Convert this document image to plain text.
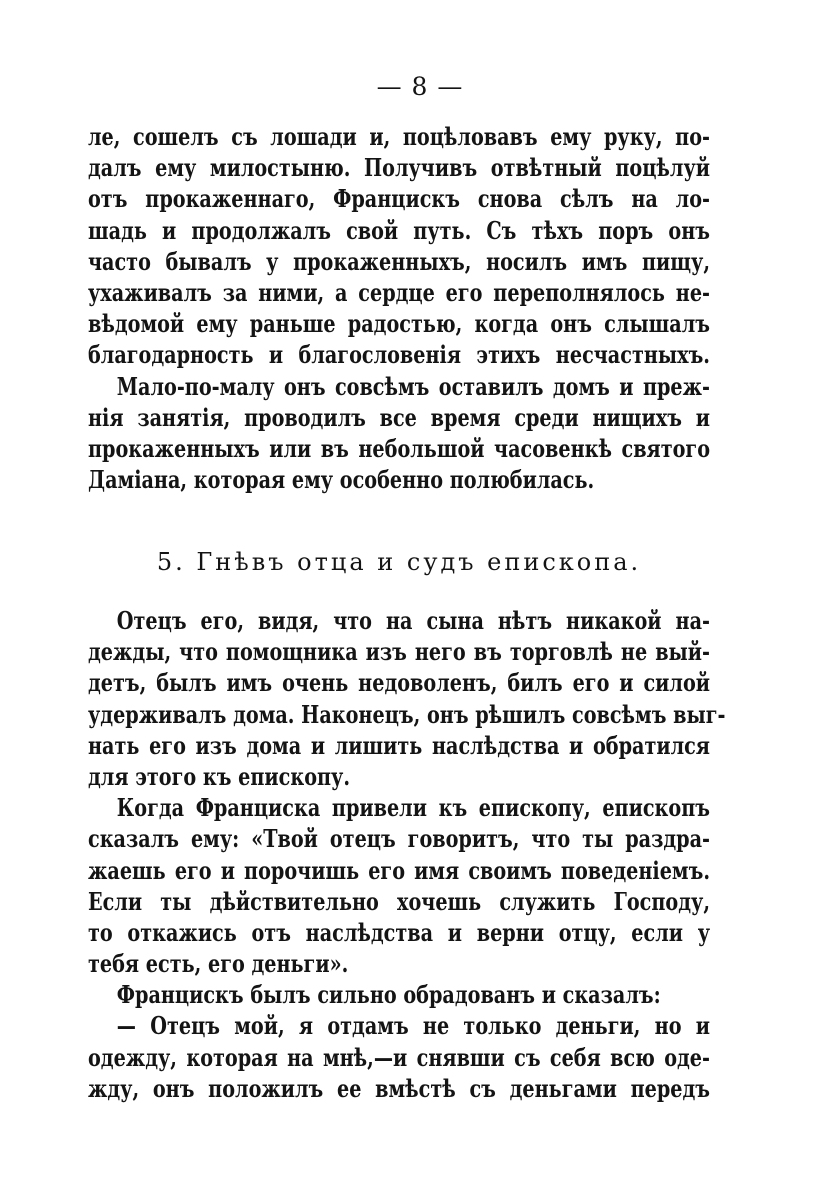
— 8 —
ле, сошелъ съ лошади и, поцѣловавъ ему руку, по-
далъ ему милостыню. Получивъ отвѣтный поцѣлуй
отъ прокаженнаго, Францискъ снова сѣлъ на ло-
шадь и продолжалъ свой путь. Съ тѣхъ поръ онъ
часто бывалъ у прокаженныхъ, носилъ имъ пищу,
ухаживалъ за ними, а сердце его переполнялось не-
вѣдомой ему раньше радостью, когда онъ слышалъ
благодарность и благословенія этихъ несчастныхъ.
Мало-по-малу онъ совсѣмъ оставилъ домъ и преж-
нія занятія, проводилъ все время среди нищихъ и
прокаженныхъ или въ небольшой часовенкѣ святого
Даміана, которая ему особенно полюбилась.
5. Гнѣвъ отца и судъ епископа.
Отецъ его, видя, что на сына нѣтъ никакой на-
дежды, что помощника изъ него въ торговлѣ не вый-
детъ, былъ имъ очень недоволенъ, билъ его и силой
удерживалъ дома. Наконецъ, онъ рѣшилъ совсѣмъ выг-
нать его изъ дома и лишить наслѣдства и обратился
для этого къ епископу.
Когда Франциска привели къ епископу, епископъ
сказалъ ему: «Твой отецъ говоритъ, что ты раздра-
жаешь его и порочишь его имя своимъ поведеніемъ.
Если ты дѣйствительно хочешь служить Господу,
то откажись отъ наслѣдства и верни отцу, если у
тебя есть, его деньги».
Францискъ былъ сильно обрадованъ и сказалъ:
— Отецъ мой, я отдамъ не только деньги, но и
одежду, которая на мнѣ,—и снявши съ себя всю оде-
жду, онъ положилъ ее вмѣстѣ съ деньгами передъ
